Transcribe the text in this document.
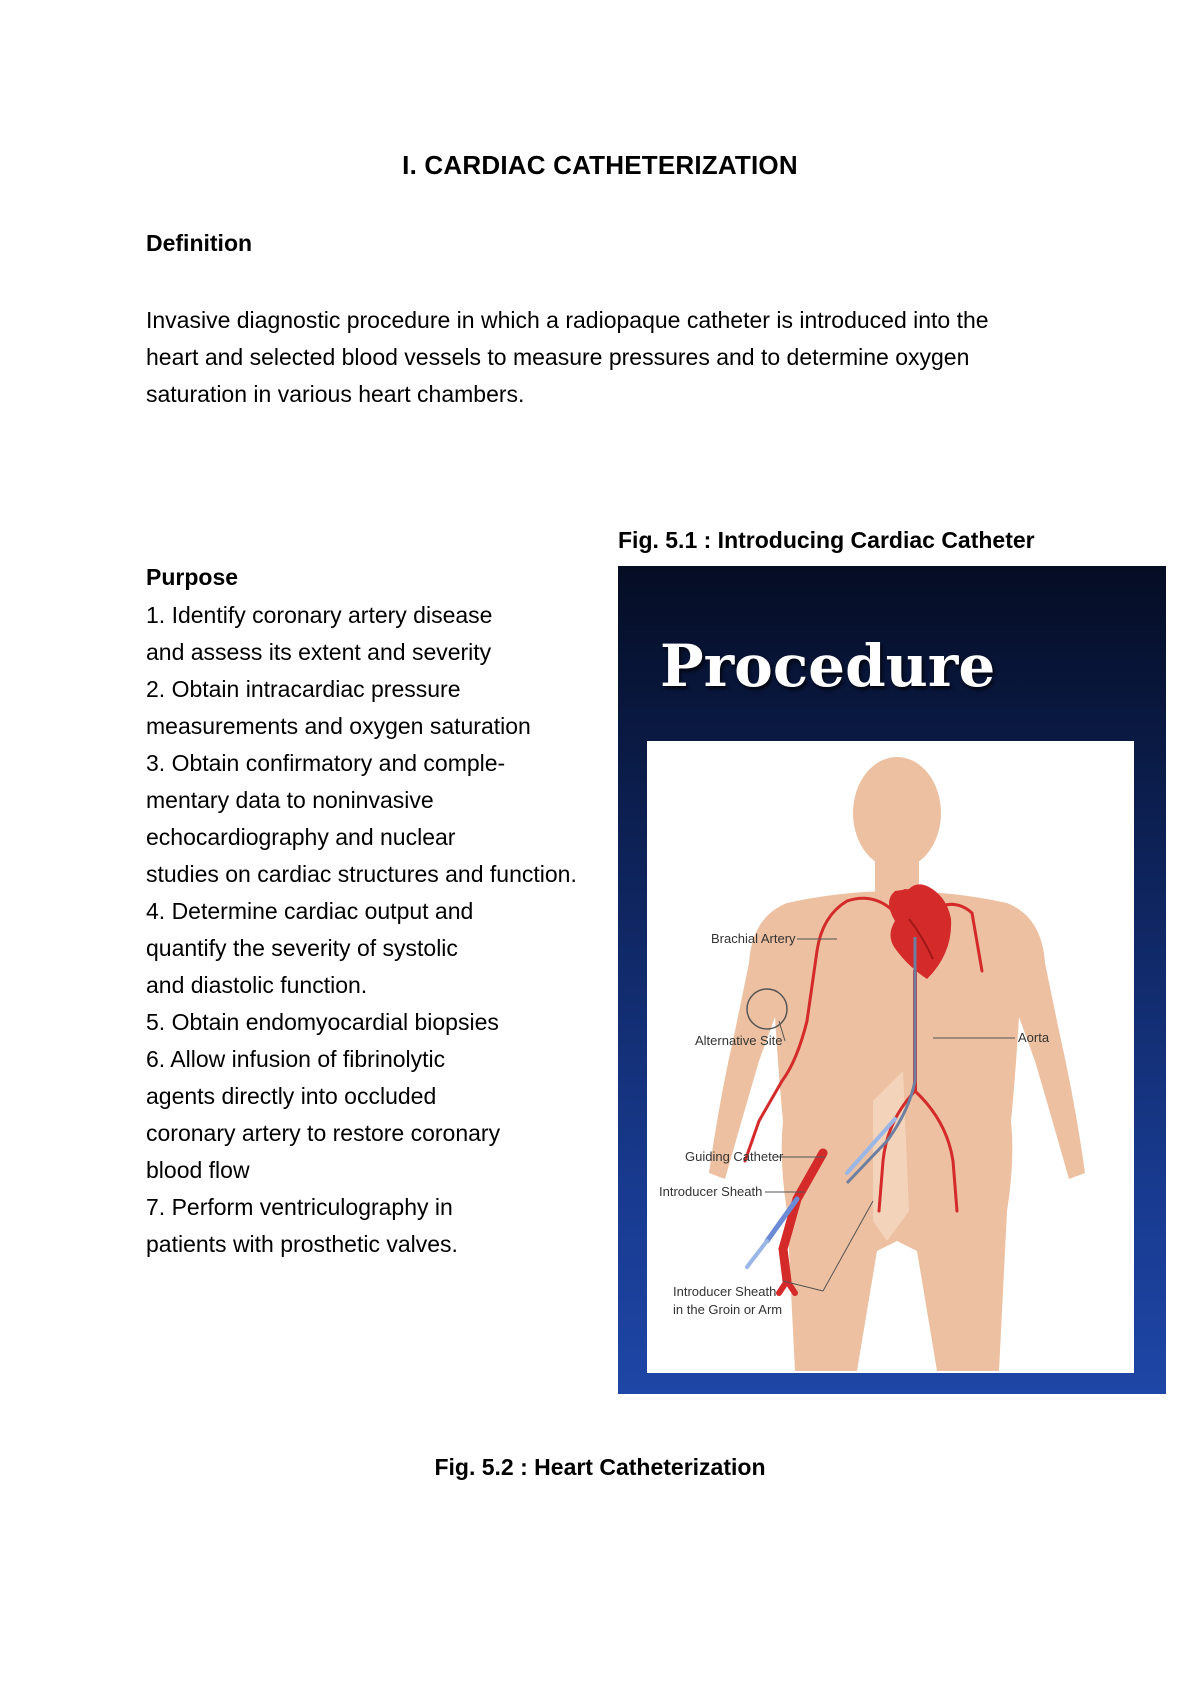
I. CARDIAC CATHETERIZATION
Definition
Invasive diagnostic procedure in which a radiopaque catheter is introduced into the
heart and selected blood vessels to measure pressures and to determine oxygen
saturation in various heart chambers.
Fig. 5.1 : Introducing Cardiac Catheter
Purpose
1. Identify coronary artery disease
and assess its extent and severity
2. Obtain intracardiac pressure
measurements and oxygen saturation
3. Obtain confirmatory and comple-
mentary data to noninvasive
echocardiography and nuclear
studies on cardiac structures and function.
4. Determine cardiac output and
quantify the severity of systolic
and diastolic function.
5. Obtain endomyocardial biopsies
6. Allow infusion of fibrinolytic
agents directly into occluded
coronary artery to restore coronary
blood flow
7. Perform ventriculography in
patients with prosthetic valves.
Procedure
Brachial Artery
Alternative Site	Aorta
Guiding Catheter
Introducer Sheath
Introducer Sheath
in the Groin or Arm
Fig. 5.2 : Heart Catheterization
